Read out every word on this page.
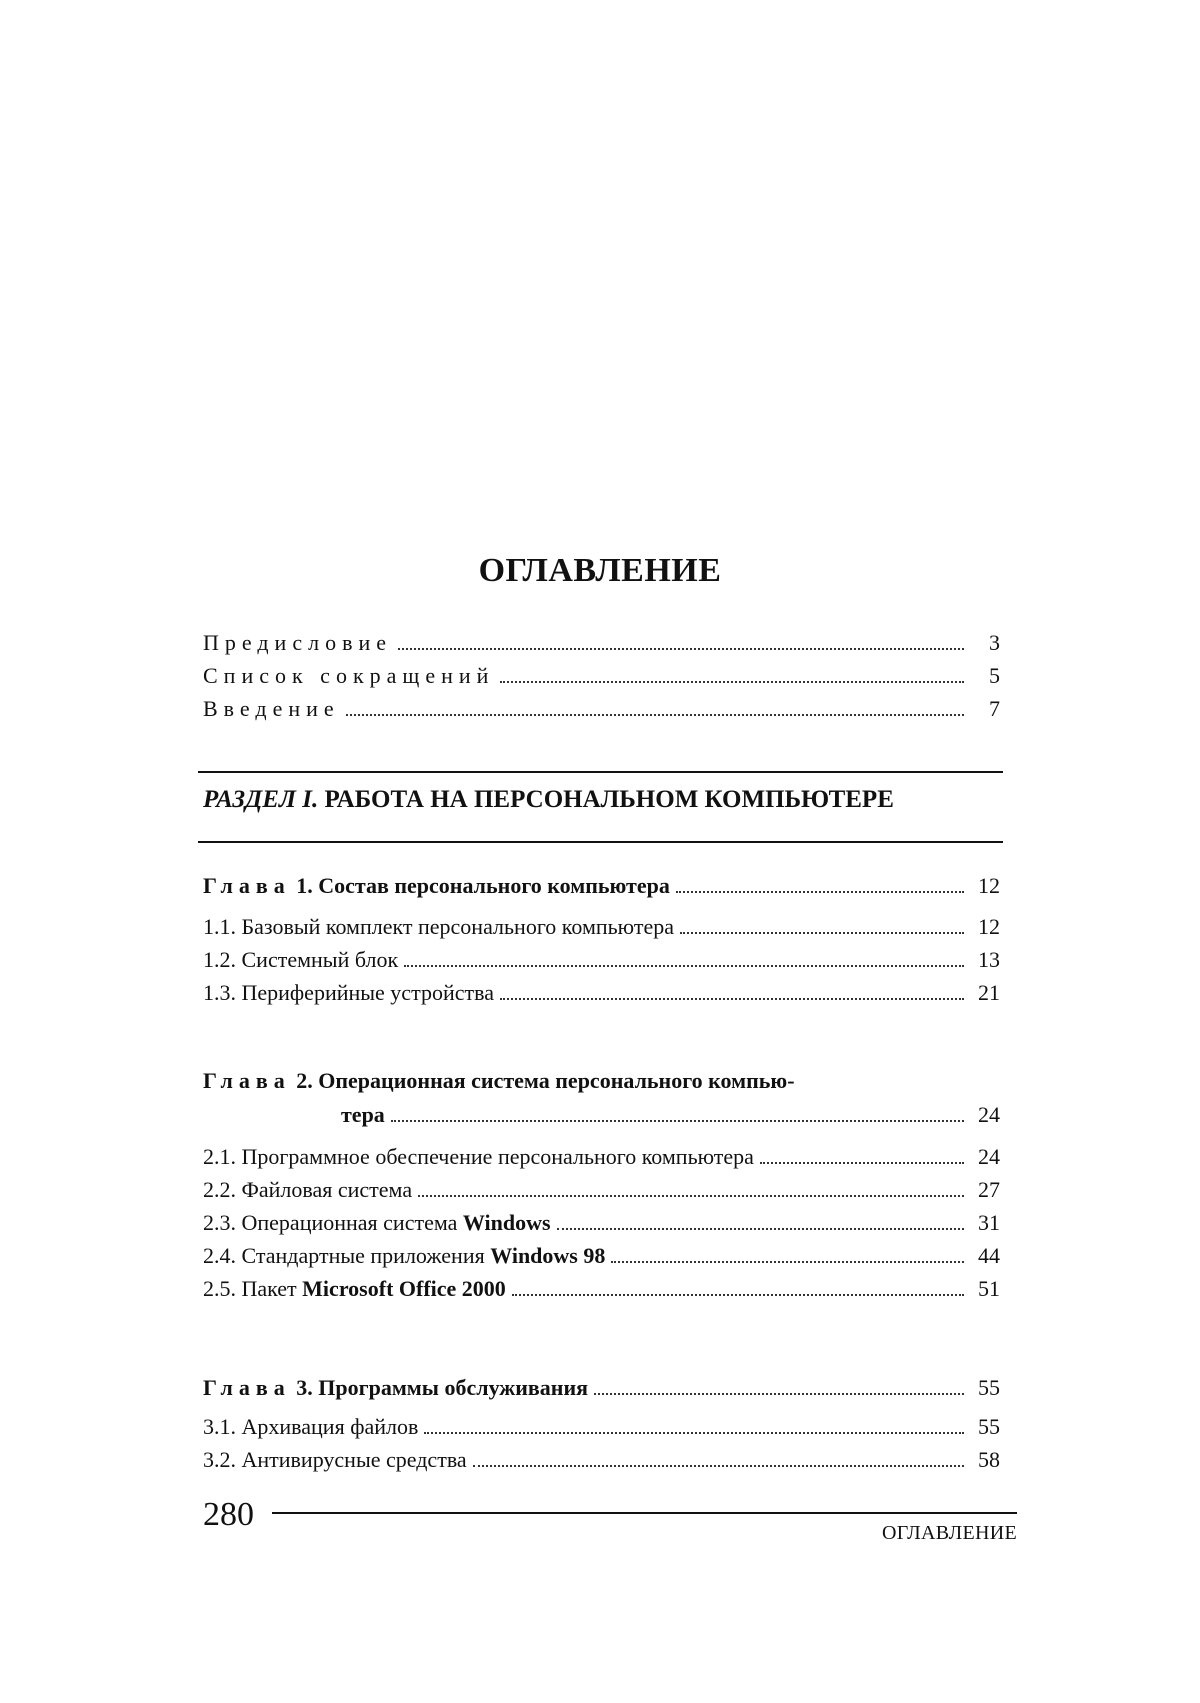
ОГЛАВЛЕНИЕ
Предисловие	3
Список сокращений	5
Введение	7
РАЗДЕЛ I. РАБОТА НА ПЕРСОНАЛЬНОМ КОМПЬЮТЕРЕ
Глава 1. Состав персонального компьютера	12
1.1. Базовый комплект персонального компьютера	12
1.2. Системный блок	13
1.3. Периферийные устройства	21
Глава 2. Операционная система персонального компью-
тера	24
2.1. Программное обеспечение персонального компьютера	24
2.2. Файловая система	27
2.3. Операционная система Windows	31
2.4. Стандартные приложения Windows 98	44
2.5. Пакет Microsoft Office 2000	51
Глава 3. Программы обслуживания	55
3.1. Архивация файлов	55
3.2. Антивирусные средства	58
280	ОГЛАВЛЕНИЕ
